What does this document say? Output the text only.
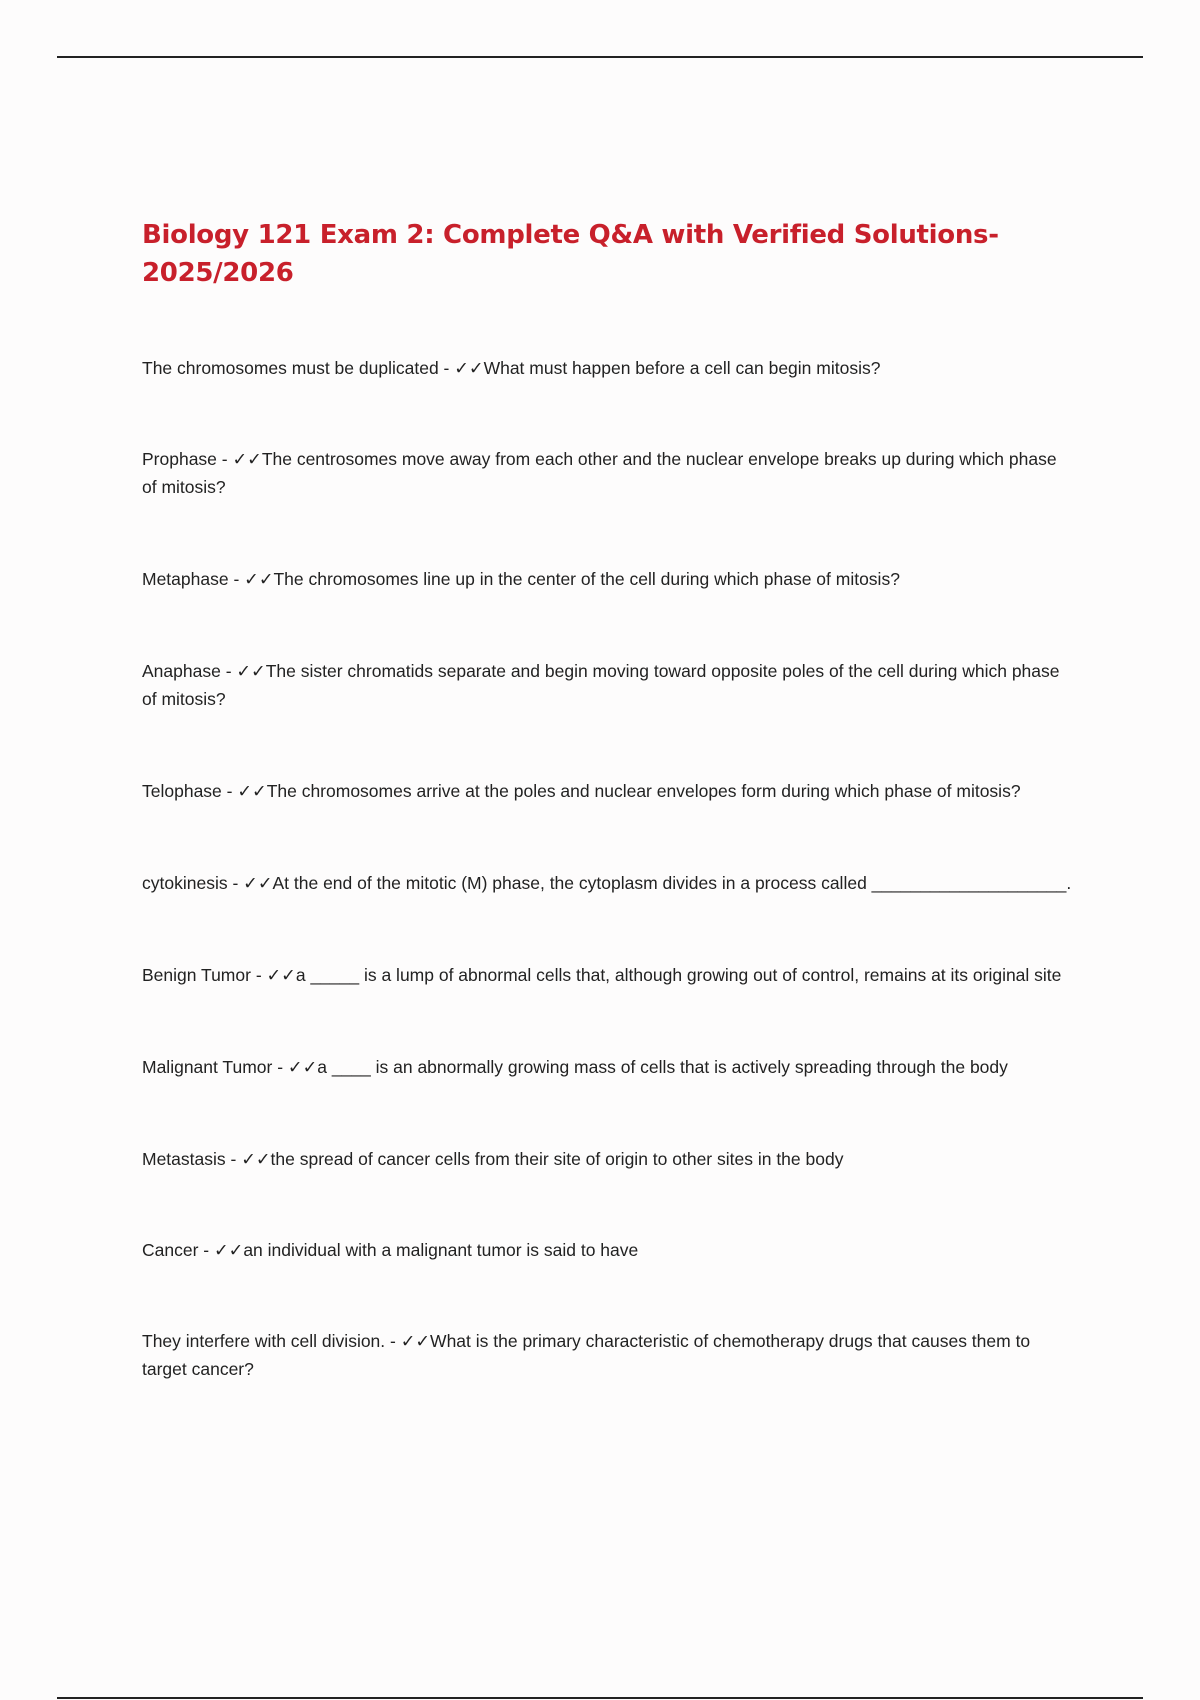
Biology 121 Exam 2: Complete Q&A with Verified Solutions-
2025/2026

The chromosomes must be duplicated - ✓✓What must happen before a cell can begin mitosis?

Prophase - ✓✓The centrosomes move away from each other and the nuclear envelope breaks up during which phase of mitosis?

Metaphase - ✓✓The chromosomes line up in the center of the cell during which phase of mitosis?

Anaphase - ✓✓The sister chromatids separate and begin moving toward opposite poles of the cell during which phase of mitosis?

Telophase - ✓✓The chromosomes arrive at the poles and nuclear envelopes form during which phase of mitosis?

cytokinesis - ✓✓At the end of the mitotic (M) phase, the cytoplasm divides in a process called ____________________.

Benign Tumor - ✓✓a _____ is a lump of abnormal cells that, although growing out of control, remains at its original site

Malignant Tumor - ✓✓a ____ is an abnormally growing mass of cells that is actively spreading through the body

Metastasis - ✓✓the spread of cancer cells from their site of origin to other sites in the body

Cancer - ✓✓an individual with a malignant tumor is said to have

They interfere with cell division. - ✓✓What is the primary characteristic of chemotherapy drugs that causes them to target cancer?
